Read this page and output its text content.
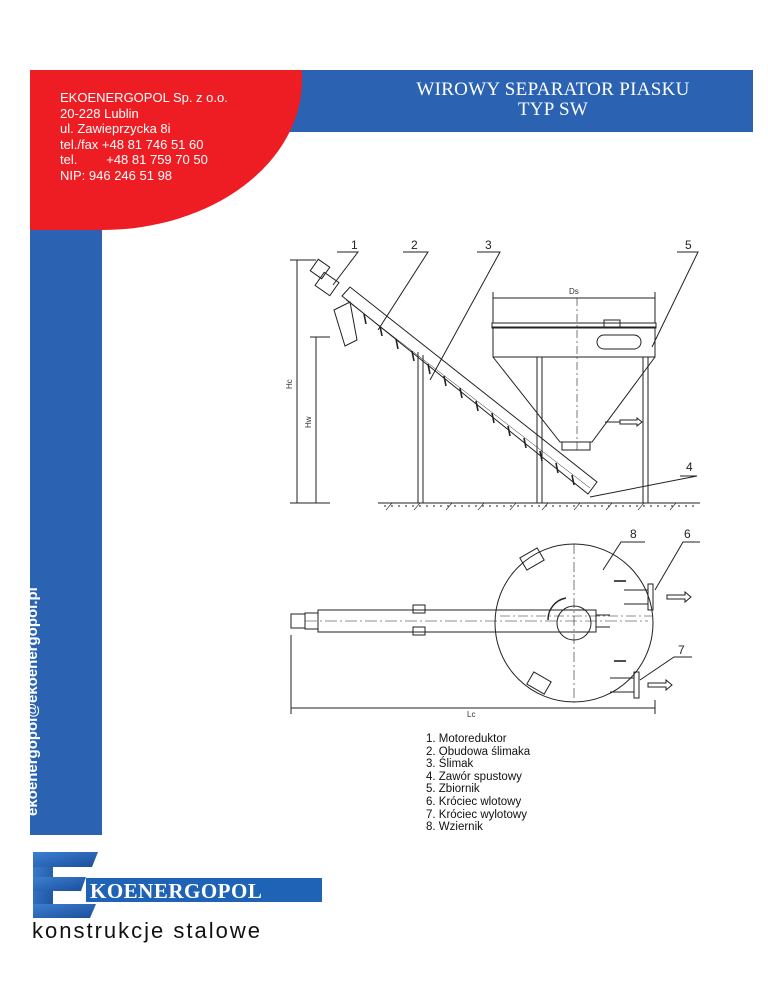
EKOENERGOPOL Sp. z o.o.
20-228 Lublin
ul. Zawieprzycka 8i
tel./fax +48 81 746 51 60
tel.        +48 81 759 70 50
NIP: 946 246 51 98
WIROWY SEPARATOR PIASKU
TYP SW
www.ekoenergopol.pl ekoenergopol@ekoenergopol.pl
1	2	3	5
4
8	6
7
Ds
Hc
Hw
Lc
1. Motoreduktor
2. Obudowa ślimaka
3. Ślimak
4. Zawór spustowy
5. Zbiornik
6. Króciec wlotowy
7. Króciec wylotowy
8. Wziernik
KOENERGOPOL
konstrukcje stalowe
